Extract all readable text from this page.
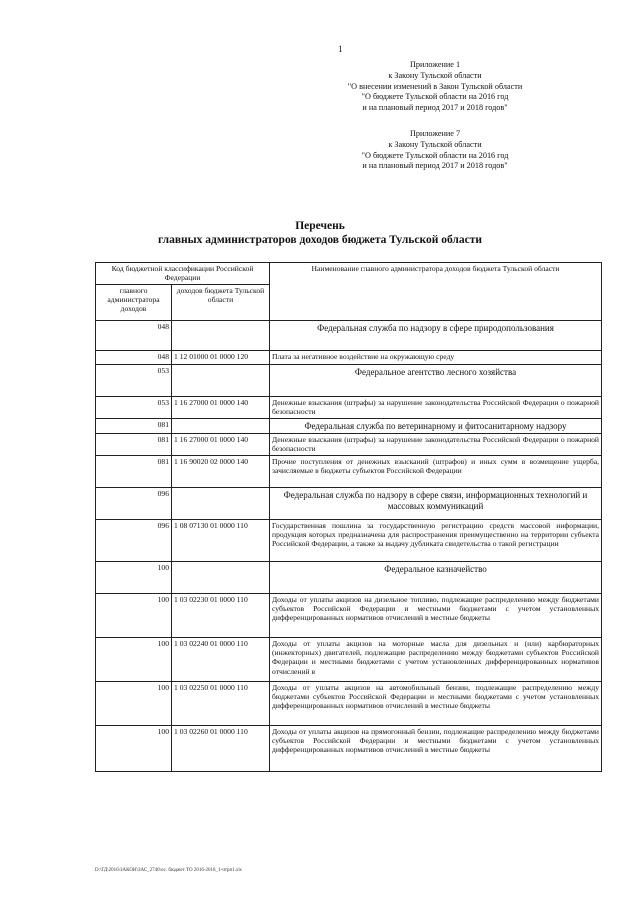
1
Приложение 1
к Закону Тульской области
"О внесении изменений в Закон Тульской области
"О бюджете Тульской области на 2016 год
и на плановый период 2017 и 2018 годов"
Приложение 7
к Закону Тульской области
"О бюджете Тульской области на 2016 год
и на плановый период 2017 и 2018 годов"
Перечень
главных администраторов доходов бюджета Тульской области
Код бюджетной классификации Российской Федерации		Наименование главного администратора доходов бюджета Тульской области
главного администратора доходов	доходов бюджета Тульской области	
048		Федеральная служба по надзору в сфере природопользования
048	1 12 01000 01 0000 120	Плата за негативное воздействие на окружающую среду
053		Федеральное агентство лесного хозяйства
053	1 16 27000 01 0000 140	Денежные взыскания (штрафы) за нарушение законодательства Российской Федерации о пожарной безопасности
081		Федеральная служба по ветеринарному и фитосанитарному надзору
081	1 16 27000 01 0000 140	Денежные взыскания (штрафы) за нарушение законодательства Российской Федерации о пожарной безопасности
081	1 16 90020 02 0000 140	Прочие поступления от денежных взысканий (штрафов) и иных сумм в возмещение ущерба, зачисляемые в бюджеты субъектов Российской Федерации
096		Федеральная служба по надзору в сфере связи, информационных технологий и массовых коммуникаций
096	1 08 07130 01 0000 110	Государственная пошлина за государственную регистрацию средств массовой информации, продукция которых предназначена для распространения преимущественно на территории субъекта Российской Федерации, а также за выдачу дубликата свидетельства о такой регистрации
100		Федеральное казначейство
100	1 03 02230 01 0000 110	Доходы от уплаты акцизов на дизельное топливо, подлежащие распределению между бюджетами субъектов Российской Федерации и местными бюджетами с учетом установленных дифференцированных нормативов отчислений в местные бюджеты
100	1 03 02240 01 0000 110	Доходы от уплаты акцизов на моторные масла для дизельных и (или) карбюраторных (инжекторных) двигателей, подлежащие распределению между бюджетами субъектов Российской Федерации и местными бюджетами с учетом установленных дифференцированных нормативов отчислений в
100	1 03 02250 01 0000 110	Доходы от уплаты акцизов на автомобильный бензин, подлежащие распределению между бюджетами субъектов Российской Федерации и местными бюджетами с учетом установленных дифференцированных нормативов отчислений в местные бюджеты
100	1 03 02260 01 0000 110	Доходы от уплаты акцизов на прямогонный бензин, подлежащие распределению между бюджетами субъектов Российской Федерации и местными бюджетами с учетом установленных дифференцированных нормативов отчислений в местные бюджеты
D:\ГД\2016\ЗАКОН\ЗАС_2740\ос. бюджет ТО 2016-2018_1-чтрп1.xls
